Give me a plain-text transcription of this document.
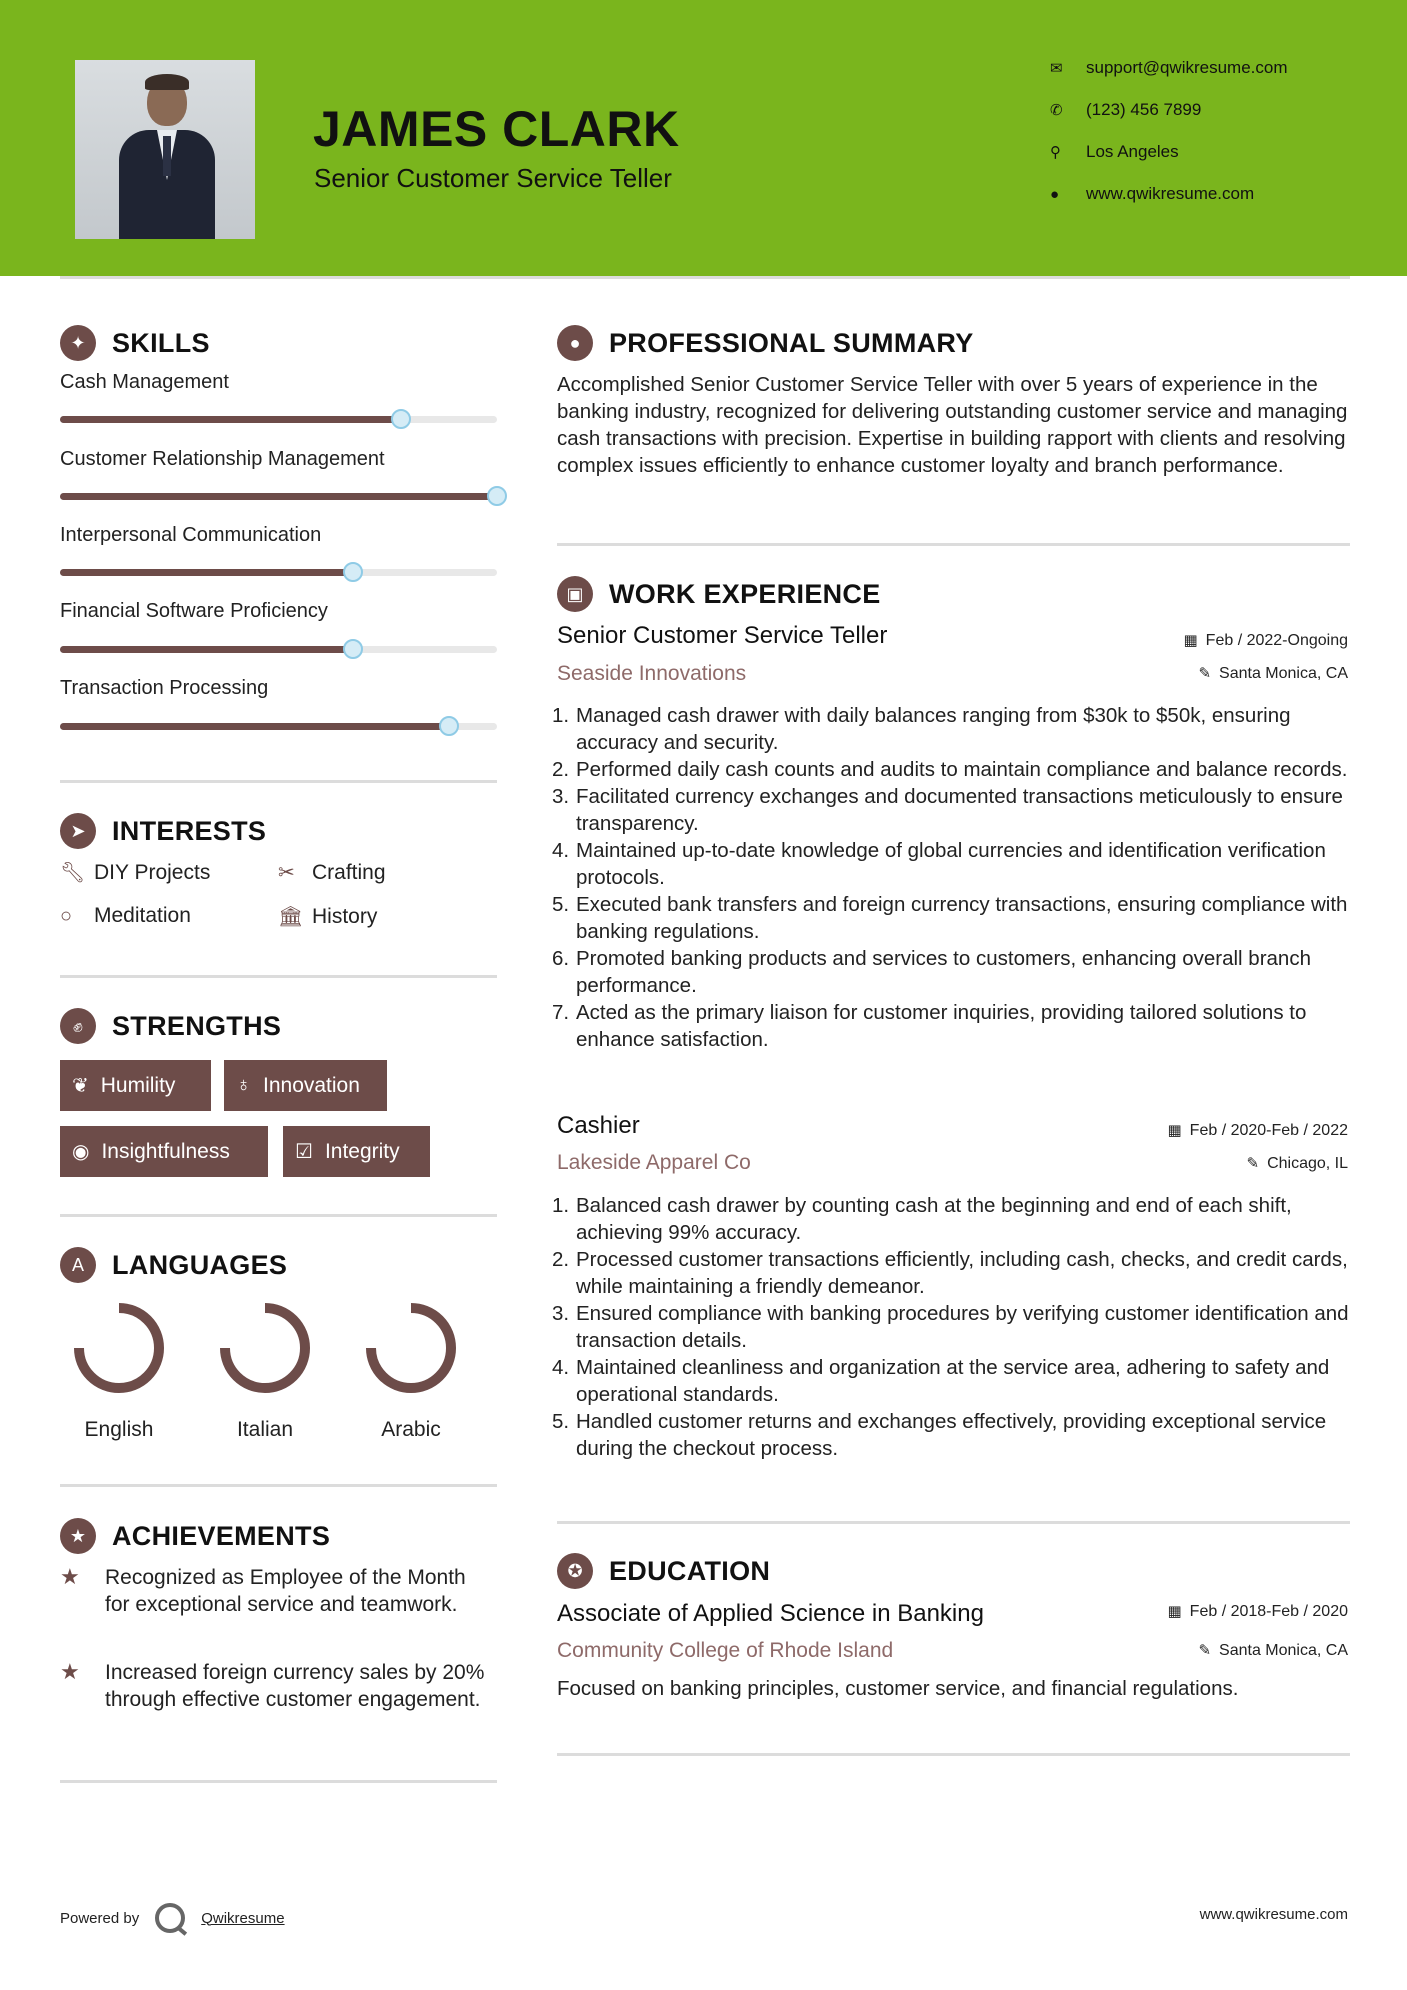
JAMES CLARK
Senior Customer Service Teller
✉	support@qwikresume.com
✆	(123) 456 7899
⚲	Los Angeles
●	www.qwikresume.com
✦ SKILLS
Cash Management
Customer Relationship Management
Interpersonal Communication
Financial Software Proficiency
Transaction Processing
➤ INTERESTS
🔧︎ DIY Projects	✂ Crafting
○	Meditation	🏛︎ History
✊︎	STRENGTHS
❦ Humility	♁ Innovation
◉ Insightfulness	☑ Integrity
A	LANGUAGES
English	Italian	Arabic
★ ACHIEVEMENTS
★	Recognized as Employee of the Month for exceptional service and teamwork.
★	Increased foreign currency sales by 20% through effective customer engagement.
●	PROFESSIONAL SUMMARY
Accomplished Senior Customer Service Teller with over 5 years of experience in the banking industry, recognized for delivering outstanding customer service and managing cash transactions with precision. Expertise in building rapport with clients and resolving complex issues efficiently to enhance customer loyalty and branch performance.
▣ WORK EXPERIENCE
Senior Customer Service Teller	▦ Feb / 2022-Ongoing
Seaside Innovations	✎ Santa Monica, CA
1. Managed cash drawer with daily balances ranging from $30k to $50k, ensuring accuracy and security.
2. Performed daily cash counts and audits to maintain compliance and balance records.
3. Facilitated currency exchanges and documented transactions meticulously to ensure transparency.
4. Maintained up-to-date knowledge of global currencies and identification verification protocols.
5. Executed bank transfers and foreign currency transactions, ensuring compliance with banking regulations.
6. Promoted banking products and services to customers, enhancing overall branch performance.
7. Acted as the primary liaison for customer inquiries, providing tailored solutions to enhance satisfaction.
Cashier	▦ Feb / 2020-Feb / 2022
Lakeside Apparel Co	✎ Chicago, IL
1. Balanced cash drawer by counting cash at the beginning and end of each shift, achieving 99% accuracy.
2. Processed customer transactions efficiently, including cash, checks, and credit cards, while maintaining a friendly demeanor.
3. Ensured compliance with banking procedures by verifying customer identification and transaction details.
4. Maintained cleanliness and organization at the service area, adhering to safety and operational standards.
5. Handled customer returns and exchanges effectively, providing exceptional service during the checkout process.
✪ EDUCATION
Associate of Applied Science in Banking	▦ Feb / 2018-Feb / 2020
Community College of Rhode Island	✎ Santa Monica, CA
Focused on banking principles, customer service, and financial regulations.
Powered by	Qwikresume	www.qwikresume.com
